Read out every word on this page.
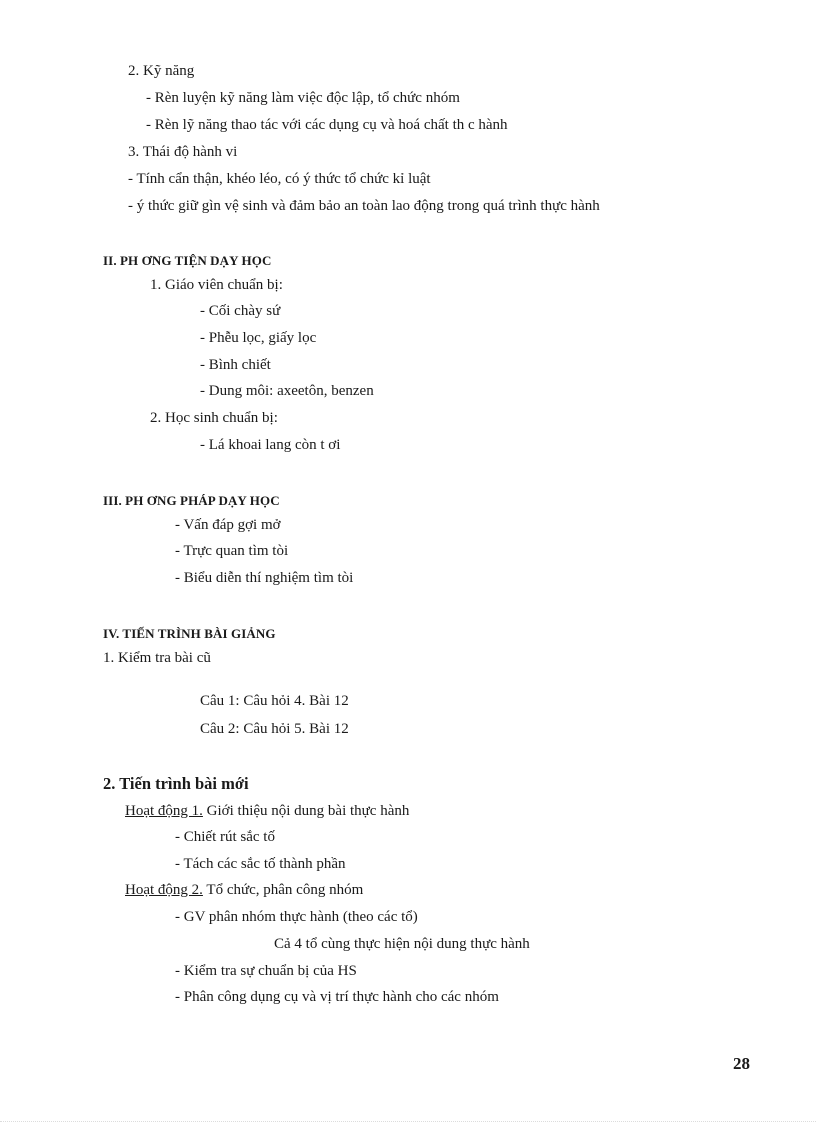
2. Kỹ năng
- Rèn luyện kỹ năng làm việc độc lập, tổ chức nhóm
- Rèn lỹ năng thao tác với các dụng cụ và hoá chất th c hành
3. Thái độ hành vi
- Tính cẩn thận, khéo léo, có ý thức tổ chức kỉ luật
- ý thức giữ gìn vệ sinh và đảm bảo an toàn lao động trong quá trình thực hành
II. PH ƠNG TIỆN DẠY HỌC
1. Giáo viên chuẩn bị:
- Cối chày sứ
- Phễu lọc, giấy lọc
- Bình chiết
- Dung môi: axeetôn, benzen
2. Học sinh chuẩn bị:
- Lá khoai lang còn t ơi
III. PH ƠNG PHÁP DẠY HỌC
- Vấn đáp gợi mở
- Trực quan tìm tòi
- Biểu diễn thí nghiệm tìm tòi
IV. TIẾN TRÌNH BÀI GIẢNG
1. Kiểm tra bài cũ
Câu 1: Câu hỏi 4. Bài 12
Câu 2: Câu hỏi 5. Bài 12
2. Tiến trình bài mới
Hoạt động 1. Giới thiệu nội dung bài thực hành
- Chiết rút sắc tố
- Tách các sắc tố thành phần
Hoạt động 2. Tổ chức, phân công nhóm
- GV phân nhóm thực hành (theo các tổ)
Cả 4 tổ cùng thực hiện nội dung thực hành
- Kiểm tra sự chuẩn bị của HS
- Phân công dụng cụ và vị trí thực hành cho các nhóm
28
